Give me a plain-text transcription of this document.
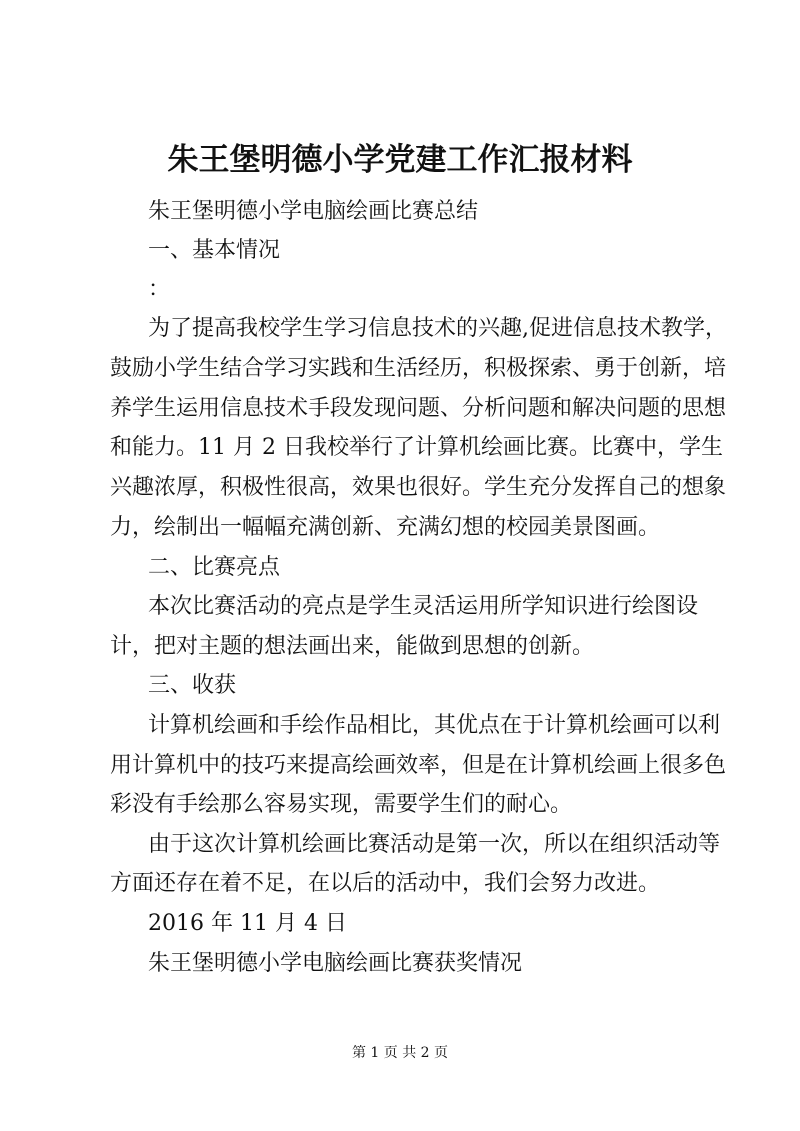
朱王堡明德小学党建工作汇报材料
朱王堡明德小学电脑绘画比赛总结
一、基本情况
：
为了提高我校学生学习信息技术的兴趣,促进信息技术教学，
鼓励小学生结合学习实践和生活经历，积极探索、勇于创新，培
养学生运用信息技术手段发现问题、分析问题和解决问题的思想
和能力。11 月 2 日我校举行了计算机绘画比赛。比赛中，学生
兴趣浓厚，积极性很高，效果也很好。学生充分发挥自己的想象
力，绘制出一幅幅充满创新、充满幻想的校园美景图画。
二、比赛亮点
本次比赛活动的亮点是学生灵活运用所学知识进行绘图设
计，把对主题的想法画出来，能做到思想的创新。
三、收获
计算机绘画和手绘作品相比，其优点在于计算机绘画可以利
用计算机中的技巧来提高绘画效率，但是在计算机绘画上很多色
彩没有手绘那么容易实现，需要学生们的耐心。
由于这次计算机绘画比赛活动是第一次，所以在组织活动等
方面还存在着不足，在以后的活动中，我们会努力改进。
2016 年 11 月 4 日
朱王堡明德小学电脑绘画比赛获奖情况
第 1 页 共 2 页
